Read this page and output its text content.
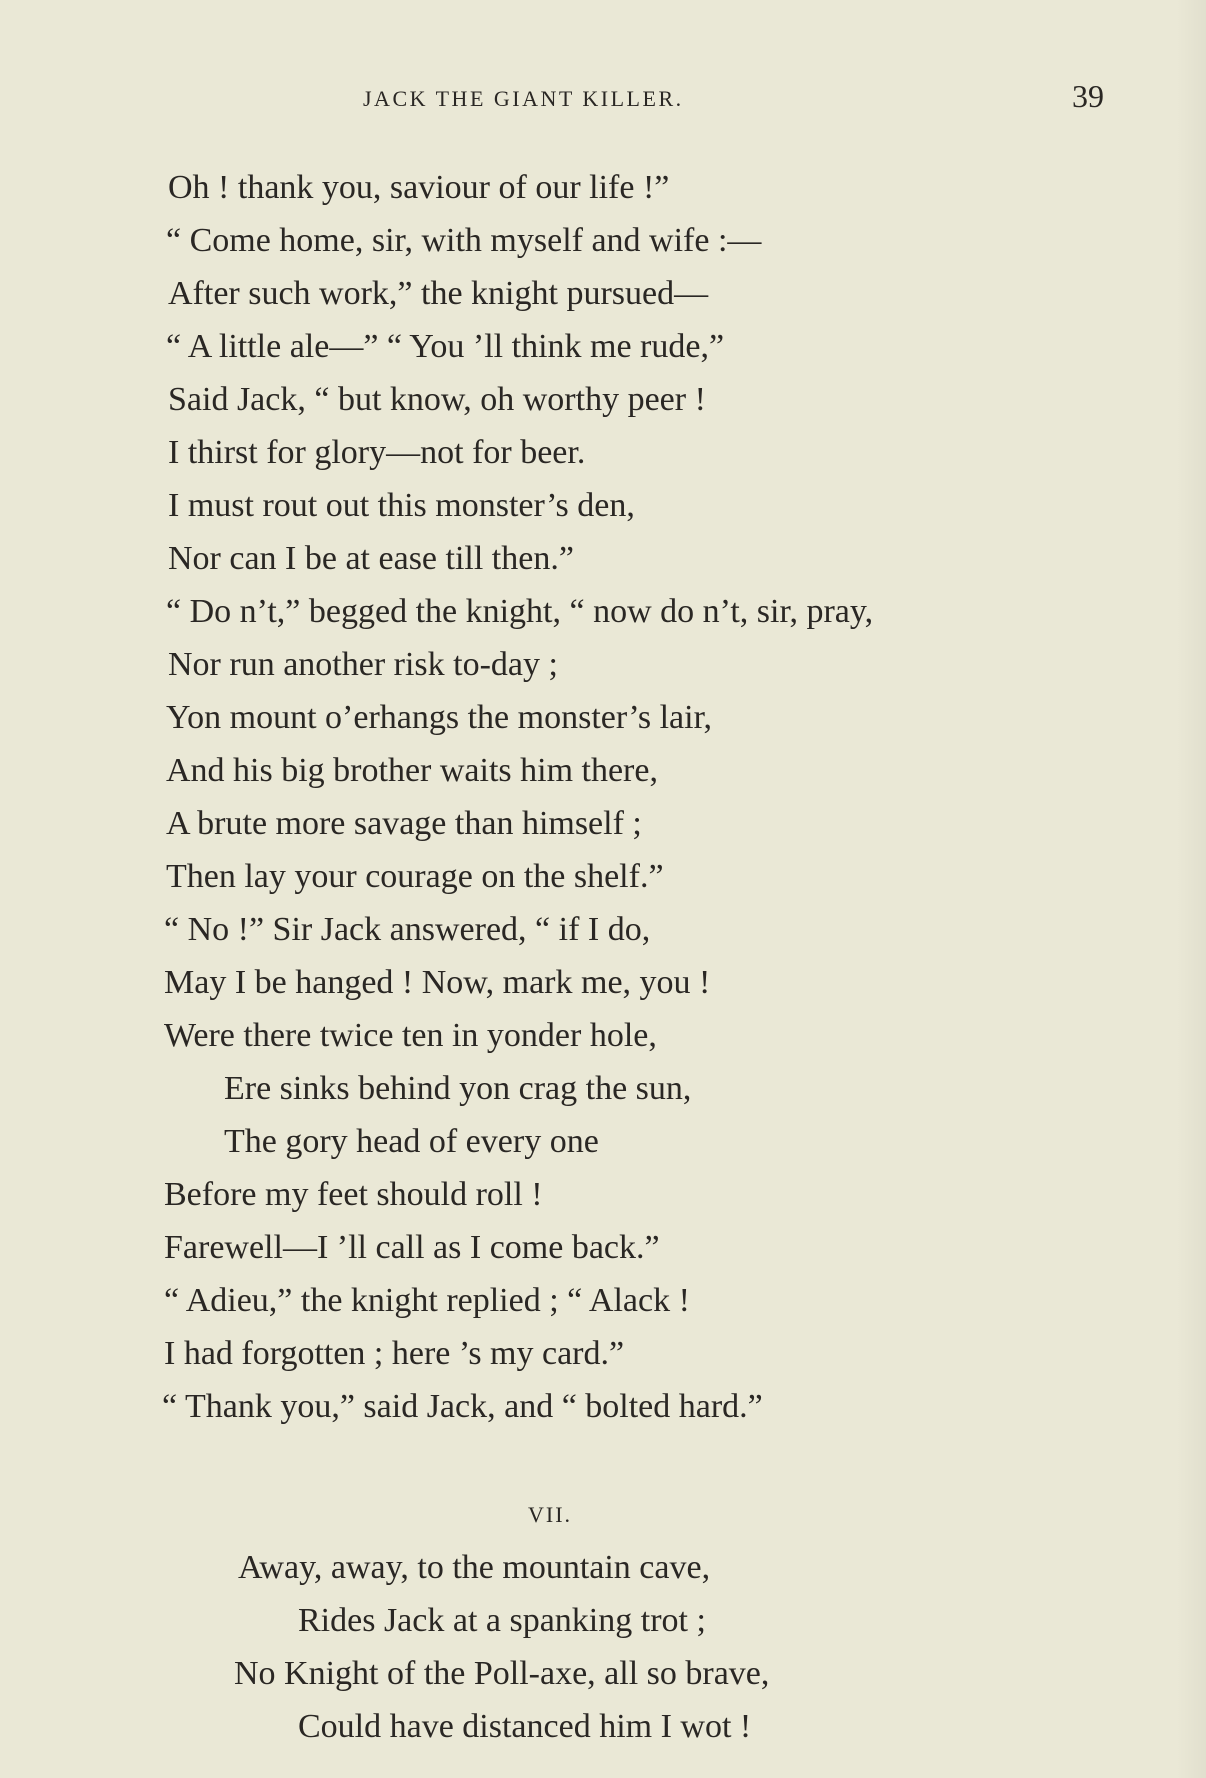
JACK THE GIANT KILLER.	39
Oh ! thank you, saviour of our life !”
“ Come home, sir, with myself and wife :—
After such work,” the knight pursued—
“ A little ale—” “ You ’ll think me rude,”
Said Jack, “ but know, oh worthy peer !
I thirst for glory—not for beer.
I must rout out this monster’s den,
Nor can I be at ease till then.”
“ Do n’t,” begged the knight, “ now do n’t, sir, pray,
Nor run another risk to-day ;
Yon mount o’erhangs the monster’s lair,
And his big brother waits him there,
A brute more savage than himself ;
Then lay your courage on the shelf.”
“ No !” Sir Jack answered, “ if I do,
May I be hanged ! Now, mark me, you !
Were there twice ten in yonder hole,
Ere sinks behind yon crag the sun,
The gory head of every one
Before my feet should roll !
Farewell—I ’ll call as I come back.”
“ Adieu,” the knight replied ; “ Alack !
I had forgotten ; here ’s my card.”
“ Thank you,” said Jack, and “ bolted hard.”
VII.
Away, away, to the mountain cave,
Rides Jack at a spanking trot ;
No Knight of the Poll-axe, all so brave,
Could have distanced him I wot !
